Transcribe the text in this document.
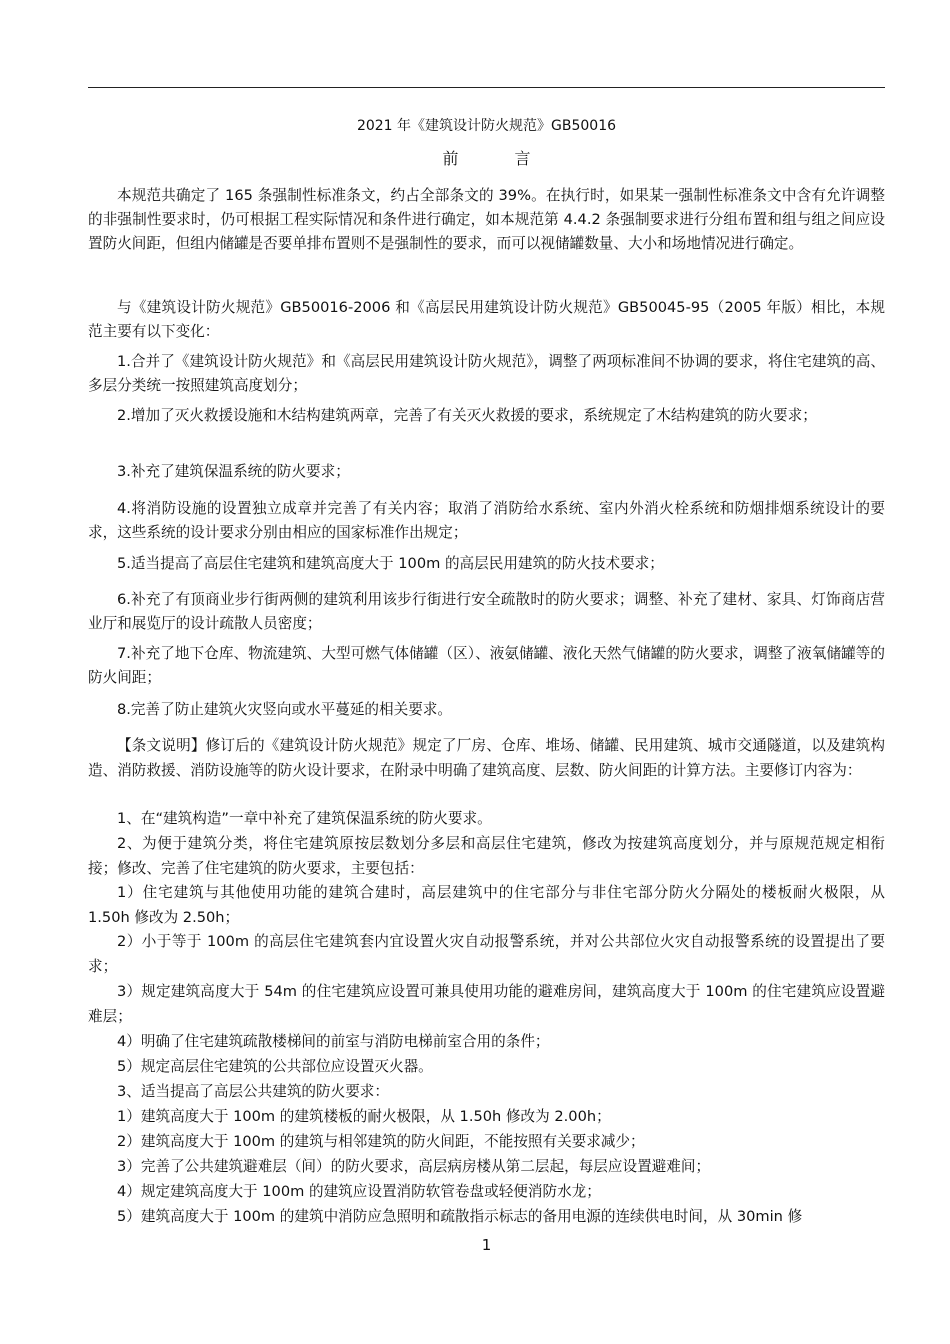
2021 年《建筑设计防火规范》GB50016
前言

本规范共确定了 165 条强制性标准条文，约占全部条文的 39%。在执行时，如果某一强制性标准条文中含有允许调整的非强制性要求时，仍可根据工程实际情况和条件进行确定，如本规范第 4.4.2 条强制要求进行分组布置和组与组之间应设置防火间距，但组内储罐是否要单排布置则不是强制性的要求，而可以视储罐数量、大小和场地情况进行确定。

与《建筑设计防火规范》GB50016-2006 和《高层民用建筑设计防火规范》GB50045-95（2005 年版）相比，本规范主要有以下变化：

1.合并了《建筑设计防火规范》和《高层民用建筑设计防火规范》，调整了两项标准间不协调的要求，将住宅建筑的高、多层分类统一按照建筑高度划分；

2.增加了灭火救援设施和木结构建筑两章，完善了有关灭火救援的要求，系统规定了木结构建筑的防火要求；

3.补充了建筑保温系统的防火要求；

4.将消防设施的设置独立成章并完善了有关内容；取消了消防给水系统、室内外消火栓系统和防烟排烟系统设计的要求，这些系统的设计要求分别由相应的国家标准作出规定；

5.适当提高了高层住宅建筑和建筑高度大于 100m 的高层民用建筑的防火技术要求；

6.补充了有顶商业步行街两侧的建筑利用该步行街进行安全疏散时的防火要求；调整、补充了建材、家具、灯饰商店营业厅和展览厅的设计疏散人员密度；

7.补充了地下仓库、物流建筑、大型可燃气体储罐（区）、液氨储罐、液化天然气储罐的防火要求，调整了液氧储罐等的防火间距；

8.完善了防止建筑火灾竖向或水平蔓延的相关要求。

【条文说明】修订后的《建筑设计防火规范》规定了厂房、仓库、堆场、储罐、民用建筑、城市交通隧道，以及建筑构造、消防救援、消防设施等的防火设计要求，在附录中明确了建筑高度、层数、防火间距的计算方法。主要修订内容为：

1、在“建筑构造”一章中补充了建筑保温系统的防火要求。

2、为便于建筑分类，将住宅建筑原按层数划分多层和高层住宅建筑，修改为按建筑高度划分，并与原规范规定相衔接；修改、完善了住宅建筑的防火要求，主要包括：

1）住宅建筑与其他使用功能的建筑合建时，高层建筑中的住宅部分与非住宅部分防火分隔处的楼板耐火极限，从 1.50h 修改为 2.50h；

2）小于等于 100m 的高层住宅建筑套内宜设置火灾自动报警系统，并对公共部位火灾自动报警系统的设置提出了要求；

3）规定建筑高度大于 54m 的住宅建筑应设置可兼具使用功能的避难房间，建筑高度大于 100m 的住宅建筑应设置避难层；

4）明确了住宅建筑疏散楼梯间的前室与消防电梯前室合用的条件；

5）规定高层住宅建筑的公共部位应设置灭火器。

3、适当提高了高层公共建筑的防火要求：

1）建筑高度大于 100m 的建筑楼板的耐火极限，从 1.50h 修改为 2.00h；

2）建筑高度大于 100m 的建筑与相邻建筑的防火间距，不能按照有关要求减少；

3）完善了公共建筑避难层（间）的防火要求，高层病房楼从第二层起，每层应设置避难间；

4）规定建筑高度大于 100m 的建筑应设置消防软管卷盘或轻便消防水龙；

5）建筑高度大于 100m 的建筑中消防应急照明和疏散指示标志的备用电源的连续供电时间，从 30min 修

1
